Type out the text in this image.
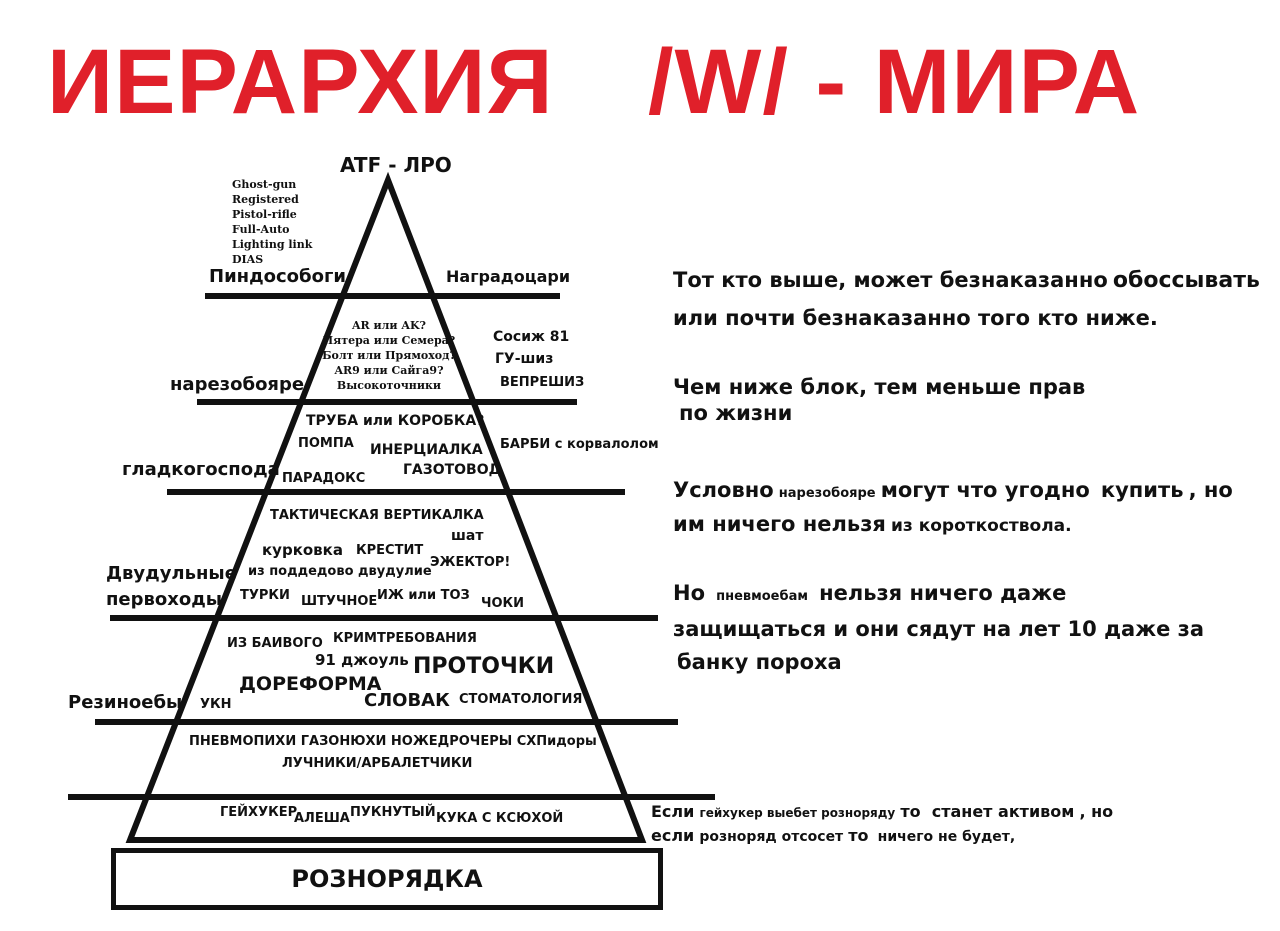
ИЕРАРХИЯ /W/ - МИРА
ATF - ЛРО
Ghost-gun
Registered
Pistol-rifle
Full-Auto
Lighting link
DIAS
Пиндособоги	Наградоцари
нарезобояре
AR или AK?
Пятера или Семера?
Болт или Прямоход?
AR9 или Сайга9?
Высокоточники
Сосиж 81
ГУ-шиз
ВЕПРЕШИЗ
гладкогоспода
ТРУБА или КОРОБКА?
ПОМПА ИНЕРЦИАЛКА
ГАЗОТОВОД
ПАРАДОКС
БАРБИ с корвалолом
Двудульные
первоходы
ТАКТИЧЕСКАЯ ВЕРТИКАЛКА
шат
курковка КРЕСТИТ
ЭЖЕКТОР!
из поддедово двудулие
ТУРКИ ШТУЧНОЕ ИЖ или ТОЗ
ЧОКИ
Резиноебы
ИЗ БАИВОГО КРИМТРЕБОВАНИЯ
91 джоуль ПРОТОЧКИ
ДОРЕФОРМА
СЛОВАК СТОМАТОЛОГИЯ
УКН
ПНЕВМОПИХИ ГАЗОНЮХИ НОЖЕДРОЧЕРЫ СХПидоры
ЛУЧНИКИ/АРБАЛЕТЧИКИ
ГЕЙХУКЕР
АЛЕША ПУКНУТЫЙ КУКА С КСЮХОЙ
РОЗНОРЯДКА
Тот кто выше, может безнаказанно обоссывать
или почти безнаказанно того кто ниже.
Чем ниже блок, тем меньше прав
по жизни
Условно нарезобояре могут что угодно купить , но
им ничего нельзя из короткоствола.
Но пневмоебам нельзя ничего даже
защищаться и они сядут на лет 10 даже за
банку пороха
Если гейхукер выебет розноряду то станет активом , но
если розноряд отсосет то ничего не будет,
